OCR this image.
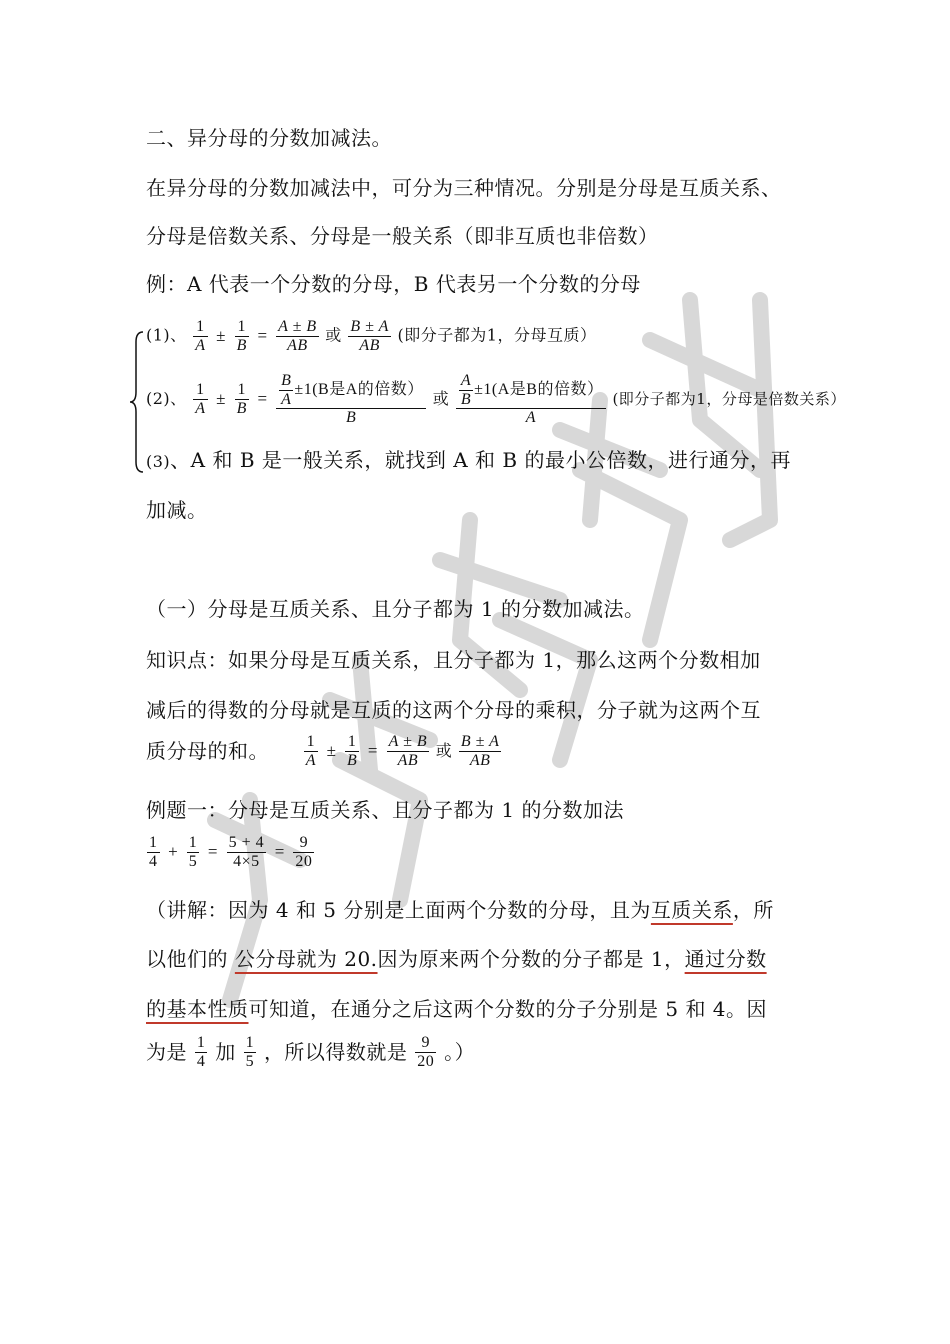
二、异分母的分数加减法。
在异分母的分数加减法中，可分为三种情况。分别是分母是互质关系、
分母是倍数关系、分母是一般关系（即非互质也非倍数）
例：A 代表一个分数的分母，B 代表另一个分数的分母
(1)、 $\frac{1}{A} \pm \frac{1}{B} = \frac{A \pm B}{AB}$ 或 $\frac{B \pm A}{AB}$ (即分子都为1，分母互质）
(2)、 $\frac{1}{A} \pm \frac{1}{B} = \frac{\frac{B}{A} \pm 1(B是A的倍数)}{B}$ 或 $\frac{\frac{A}{B} \pm 1(A是B的倍数)}{A}$ (即分子都为1，分母是倍数关系）
(3)、A 和 B 是一般关系，就找到 A 和 B 的最小公倍数，进行通分，再
加减。
（一）分母是互质关系、且分子都为 1 的分数加减法。
知识点：如果分母是互质关系，且分子都为 1，那么这两个分数相加
减后的得数的分母就是互质的这两个分母的乘积，分子就为这两个互
质分母的和。 $\frac{1}{A} \pm \frac{1}{B} = \frac{A \pm B}{AB}$ 或 $\frac{B \pm A}{AB}$
例题一：分母是互质关系、且分子都为 1 的分数加法
$\frac{1}{4} + \frac{1}{5} = \frac{5 + 4}{4\times 5} = \frac{9}{20}$
（讲解：因为 4 和 5 分别是上面两个分数的分母，且为互质关系，所
以他们的 公分母就为 20.因为原来两个分数的分子都是 1，通过分数
的基本性质可知道，在通分之后这两个分数的分子分别是 5 和 4。因
为是 $\frac{1}{4}$ 加 $\frac{1}{5}$ ，所以得数就是 $\frac{9}{20}$ 。）
